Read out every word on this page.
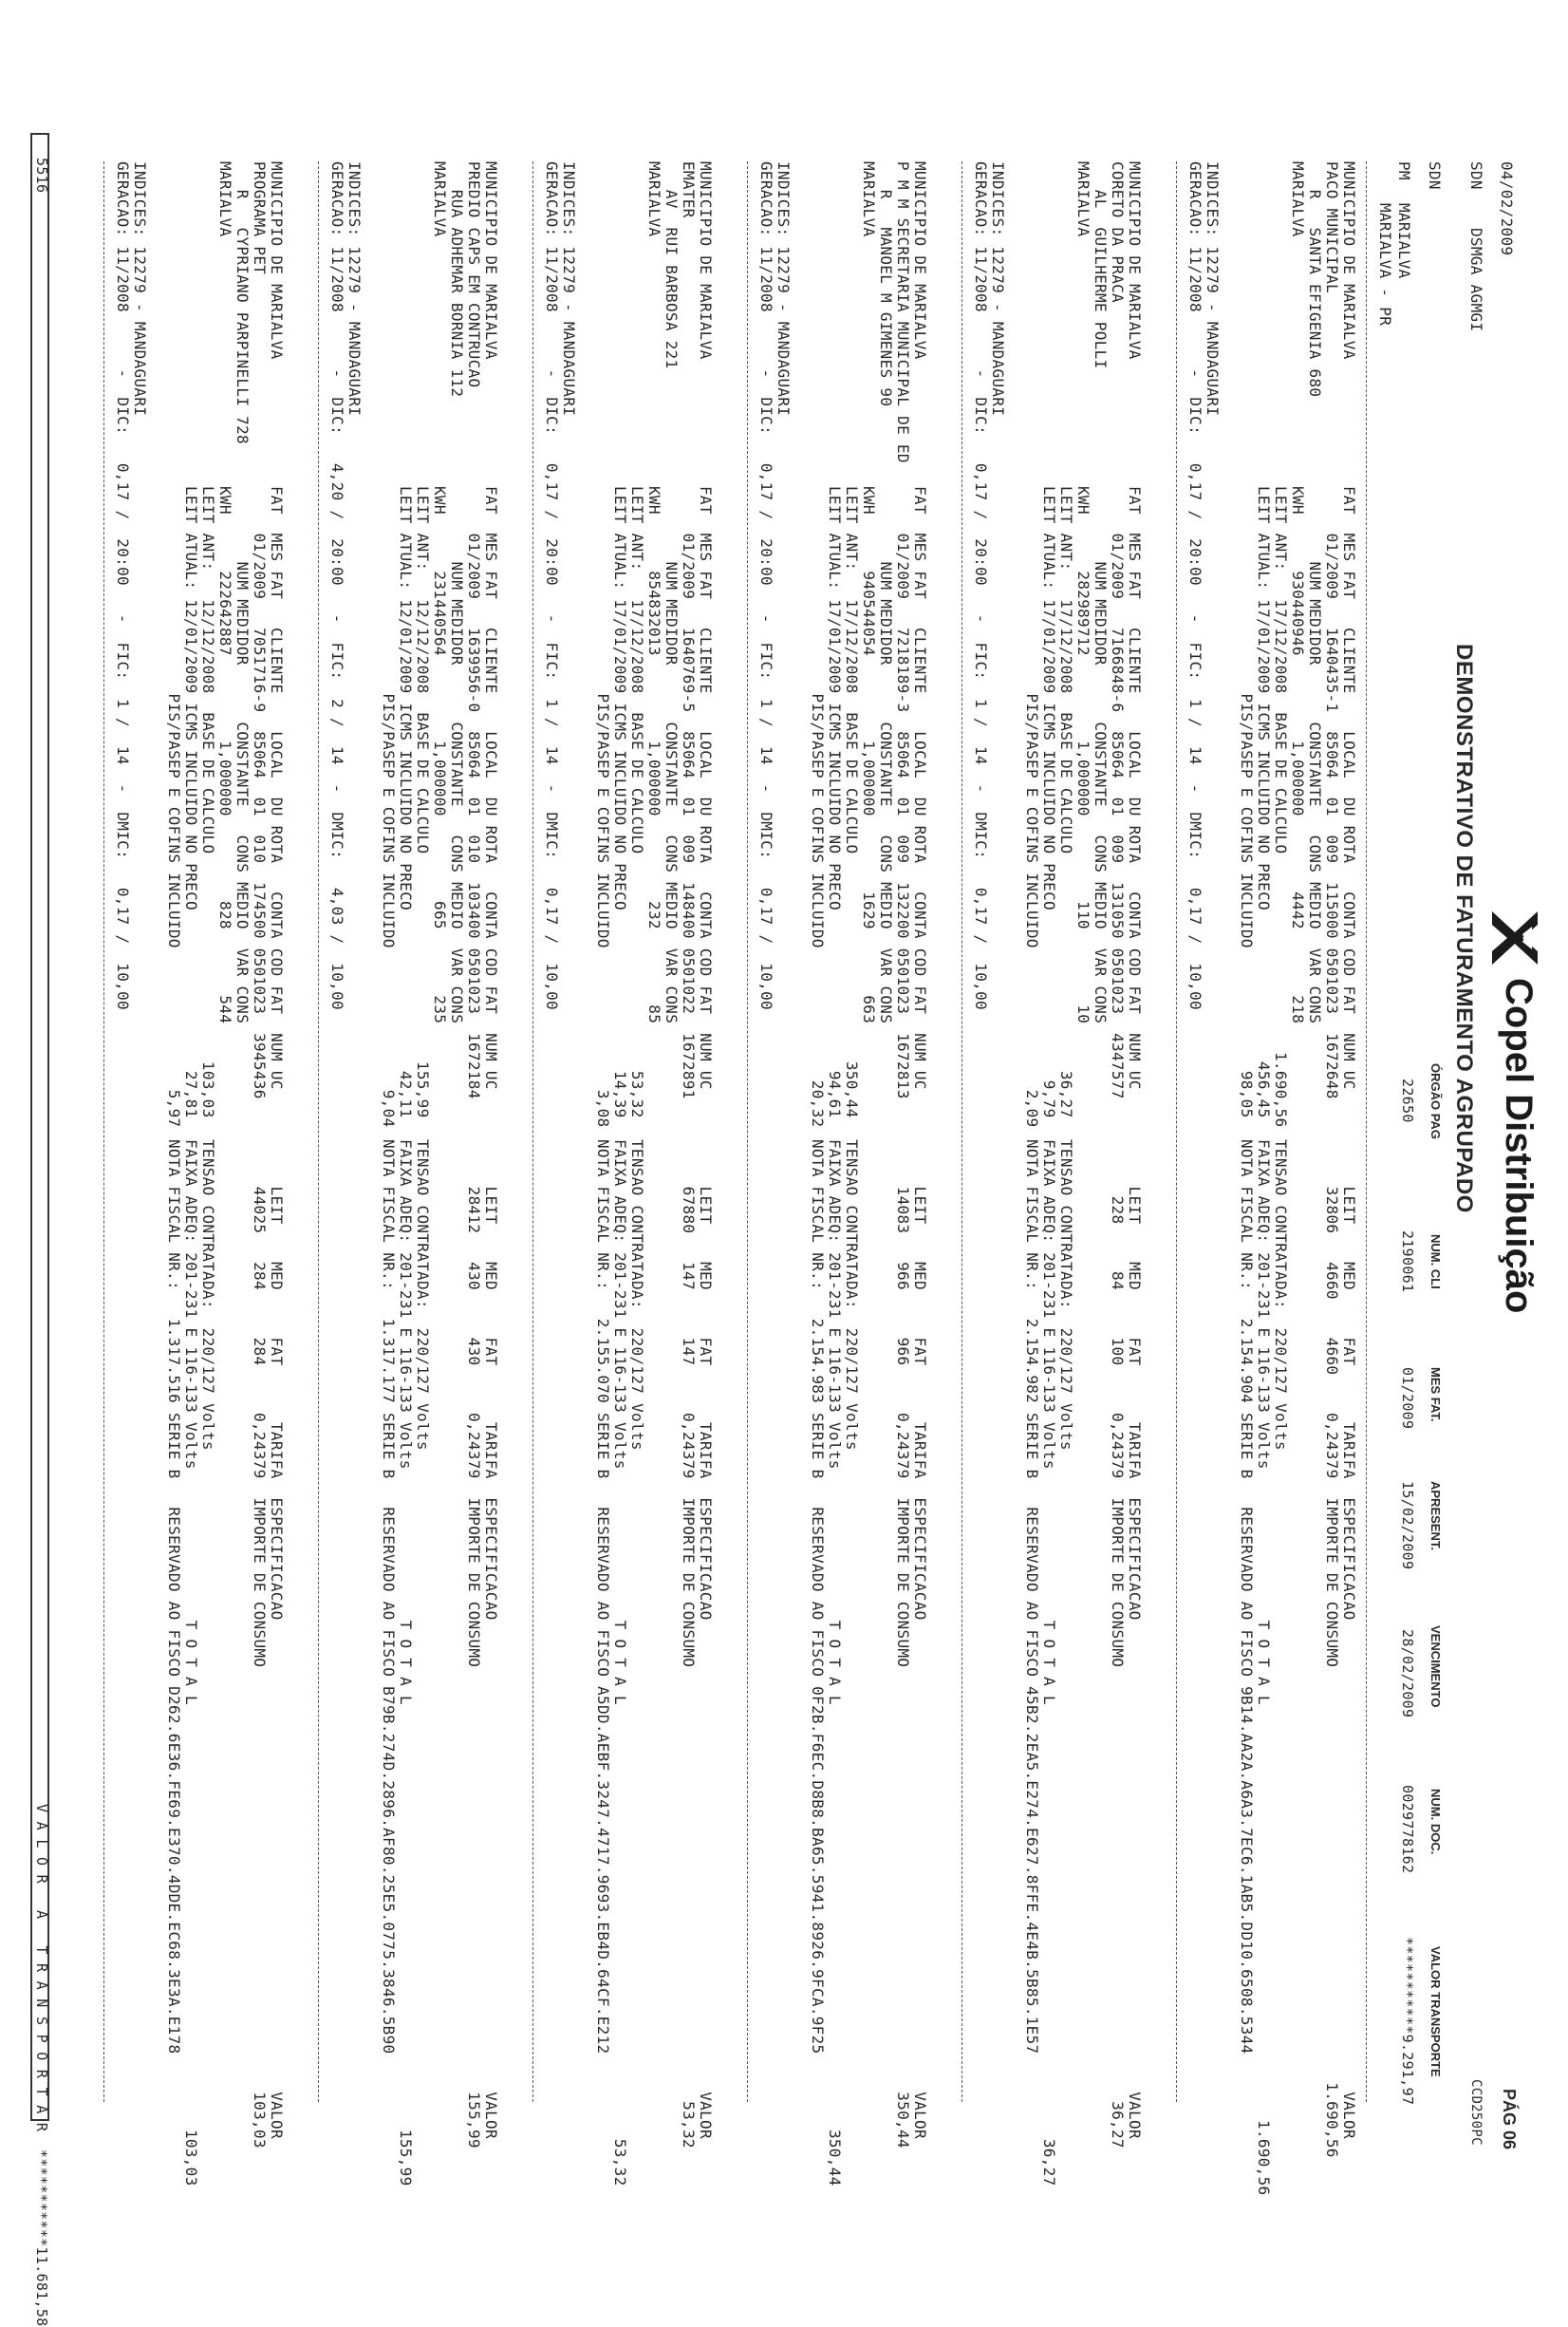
04/02/2009
Copel Distribuição
DEMONSTRATIVO DE FATURAMENTO AGRUPADO
PÁG 06
CCD250PC
ÓRGÃO PAG
NUM. CLI
MES FAT.
APRESENT.
VENCIMENTO
NUM. DOC.
VALOR TRANSPORTE
SDN
DSMGA AGMGI
SDN
22650
2190061
01/2009
15/02/2009
28/02/2009
0029778162
***********9.291,97
PM
MARIALVA
MARIALVA - PR
MUNICIPIO DE MARIALVA
PACO MUNICIPAL
R   SANTA EFIGENIA 680
MARIALVA
FAT  MES FAT   CLIENTE    LOCAL  DU ROTA   CONTA COD FAT  NUM UC
01/2009   1640435-1  85064  01  009  115000 0501023  1672648
NUM MEDIDOR      CONSTANTE   CONS MEDIO  VAR CONS
KWH      930440946         1,000000        4442       218
LEIT ANT:   17/12/2008  BASE DE CALCULO                     1.690,56
LEIT ATUAL: 17/01/2009 ICMS INCLUIDO NO PRECO                456,45
PIS/PASEP E COFINS INCLUIDO             98,05
LEIT    MED     FAT      TARIFA  ESPECIFICACAO                                                  VALOR
32806   4660    4660    0,24379  IMPORTE DE CONSUMO                                            1.690,56
TENSAO CONTRATADA:  220/127 Volts
FAIXA ADEQ: 201-231 E 116-133 Volts                T O T A L                                            1.690,56
NOTA FISCAL NR.:   2.154.904 SERIE B   RESERVADO AO FISCO 9B14.AA2A.A6A3.7EC6.1AB5.DD10.6508.5344
INDICES: 12279 - MANDAGUARI
GERACAO: 11/2008      -  DIC:   0,17 /  20:00   -  FIC:  1 /  14  -  DMIC:   0,17 /  10,00
MUNICIPIO DE MARIALVA
CORETO DA PRACA
AL  GUILHERME POLLI
MARIALVA
FAT  MES FAT   CLIENTE    LOCAL  DU ROTA   CONTA COD FAT  NUM UC
01/2009   7166848-6  85064  01  009  131050 0501023  4347577
NUM MEDIDOR      CONSTANTE   CONS MEDIO  VAR CONS
KWH      282989712         1,000000         110        10
LEIT ANT:   17/12/2008  BASE DE CALCULO                       36,27
LEIT ATUAL: 17/01/2009 ICMS INCLUIDO NO PRECO                  9,79
PIS/PASEP E COFINS INCLUIDO               2,09
LEIT    MED     FAT      TARIFA  ESPECIFICACAO                                                  VALOR
228     84     100     0,24379  IMPORTE DE CONSUMO                                              36,27
TENSAO CONTRATADA:  220/127 Volts
FAIXA ADEQ: 201-231 E 116-133 Volts                T O T A L                                              36,27
NOTA FISCAL NR.:   2.154.982 SERIE B   RESERVADO AO FISCO 45B2.2EA5.E274.E627.8FFE.4E4B.5B85.1E57
INDICES: 12279 - MANDAGUARI
GERACAO: 11/2008      -  DIC:   0,17 /  20:00   -  FIC:  1 /  14  -  DMIC:   0,17 /  10,00
MUNICIPIO DE MARIALVA
P M M SECRETARIA MUNICIPAL DE ED
R   MANOEL M GIMENES 90
MARIALVA
FAT  MES FAT   CLIENTE    LOCAL  DU ROTA   CONTA COD FAT  NUM UC
01/2009   7218189-3  85064  01  009  132200 0501023  1672813
NUM MEDIDOR      CONSTANTE   CONS MEDIO  VAR CONS
KWH      940544054         1,000000        1629       663
LEIT ANT:   17/12/2008  BASE DE CALCULO                      350,44
LEIT ATUAL: 17/01/2009 ICMS INCLUIDO NO PRECO                 94,61
PIS/PASEP E COFINS INCLUIDO              20,32
LEIT    MED     FAT      TARIFA  ESPECIFICACAO                                                  VALOR
14083   966     966     0,24379  IMPORTE DE CONSUMO                                             350,44
TENSAO CONTRATADA:  220/127 Volts
FAIXA ADEQ: 201-231 E 116-133 Volts                T O T A L                                             350,44
NOTA FISCAL NR.:   2.154.983 SERIE B   RESERVADO AO FISCO 0F2B.F6EC.D8B8.BA65.5941.8926.9FCA.9F25
INDICES: 12279 - MANDAGUARI
GERACAO: 11/2008      -  DIC:   0,17 /  20:00   -  FIC:  1 /  14  -  DMIC:   0,17 /  10,00
MUNICIPIO DE MARIALVA
EMATER
AV  RUI BARBOSA 221
MARIALVA
FAT  MES FAT   CLIENTE    LOCAL  DU ROTA   CONTA COD FAT  NUM UC
01/2009   1640769-5  85064  01  009  148400 0501022  1672891
NUM MEDIDOR      CONSTANTE   CONS MEDIO  VAR CONS
KWH      854832013         1,000000         232        85
LEIT ANT:   17/12/2008  BASE DE CALCULO                       53,32
LEIT ATUAL: 17/01/2009 ICMS INCLUIDO NO PRECO                 14,39
PIS/PASEP E COFINS INCLUIDO               3,08
LEIT    MED     FAT      TARIFA  ESPECIFICACAO                                                  VALOR
67880   147     147     0,24379  IMPORTE DE CONSUMO                                              53,32
TENSAO CONTRATADA:  220/127 Volts
FAIXA ADEQ: 201-231 E 116-133 Volts                T O T A L                                              53,32
NOTA FISCAL NR.:   2.155.070 SERIE B   RESERVADO AO FISCO A5DD.AEBF.3247.4717.9693.EB4D.64CF.E212
INDICES: 12279 - MANDAGUARI
GERACAO: 11/2008      -  DIC:   0,17 /  20:00   -  FIC:  1 /  14  -  DMIC:   0,17 /  10,00
MUNICIPIO DE MARIALVA
PREDIO CAPS EM CONTRUCAO
RUA ADHEMAR BORNIA 112
MARIALVA
FAT  MES FAT   CLIENTE    LOCAL  DU ROTA   CONTA COD FAT  NUM UC
01/2009   1639956-0  85064  01  010  103400 0501023  1672184
NUM MEDIDOR      CONSTANTE   CONS MEDIO  VAR CONS
KWH      231440564         1,000000         665       235
LEIT ANT:   12/12/2008  BASE DE CALCULO                      155,99
LEIT ATUAL: 12/01/2009 ICMS INCLUIDO NO PRECO                 42,11
PIS/PASEP E COFINS INCLUIDO               9,04
LEIT    MED     FAT      TARIFA  ESPECIFICACAO                                                  VALOR
28412   430     430     0,24379  IMPORTE DE CONSUMO                                             155,99
TENSAO CONTRATADA:  220/127 Volts
FAIXA ADEQ: 201-231 E 116-133 Volts                T O T A L                                             155,99
NOTA FISCAL NR.:   1.317.177 SERIE B   RESERVADO AO FISCO B79B.274D.2896.AF80.25E5.0775.3846.5B90
INDICES: 12279 - MANDAGUARI
GERACAO: 11/2008      -  DIC:   4,20 /  20:00   -  FIC:  2 /  14  -  DMIC:   4,03 /  10,00
MUNICIPIO DE MARIALVA
PROGRAMA PET
R   CYPRIANO PARPINELLI 728
MARIALVA
FAT  MES FAT   CLIENTE    LOCAL  DU ROTA   CONTA COD FAT  NUM UC
01/2009   7051716-9  85064  01  010  174500 0501023  3945436
NUM MEDIDOR      CONSTANTE   CONS MEDIO  VAR CONS
KWH      222642887         1,000000         828       544
LEIT ANT:   12/12/2008  BASE DE CALCULO                      103,03
LEIT ATUAL: 12/01/2009 ICMS INCLUIDO NO PRECO                 27,81
PIS/PASEP E COFINS INCLUIDO               5,97
LEIT    MED     FAT      TARIFA  ESPECIFICACAO                                                  VALOR
44025   284     284     0,24379  IMPORTE DE CONSUMO                                             103,03
TENSAO CONTRATADA:  220/127 Volts
FAIXA ADEQ: 201-231 E 116-133 Volts                T O T A L                                             103,03
NOTA FISCAL NR.:   1.317.516 SERIE B   RESERVADO AO FISCO D262.6E36.FE69.E370.4DDE.EC68.3E3A.E178
INDICES: 12279 - MANDAGUARI
GERACAO: 11/2008      -  DIC:   0,17 /  20:00   -  FIC:  1 /  14  -  DMIC:   0,17 /  10,00
5516
V A L O R   A   T R A N S P O R T A R  ***********11.681,58
